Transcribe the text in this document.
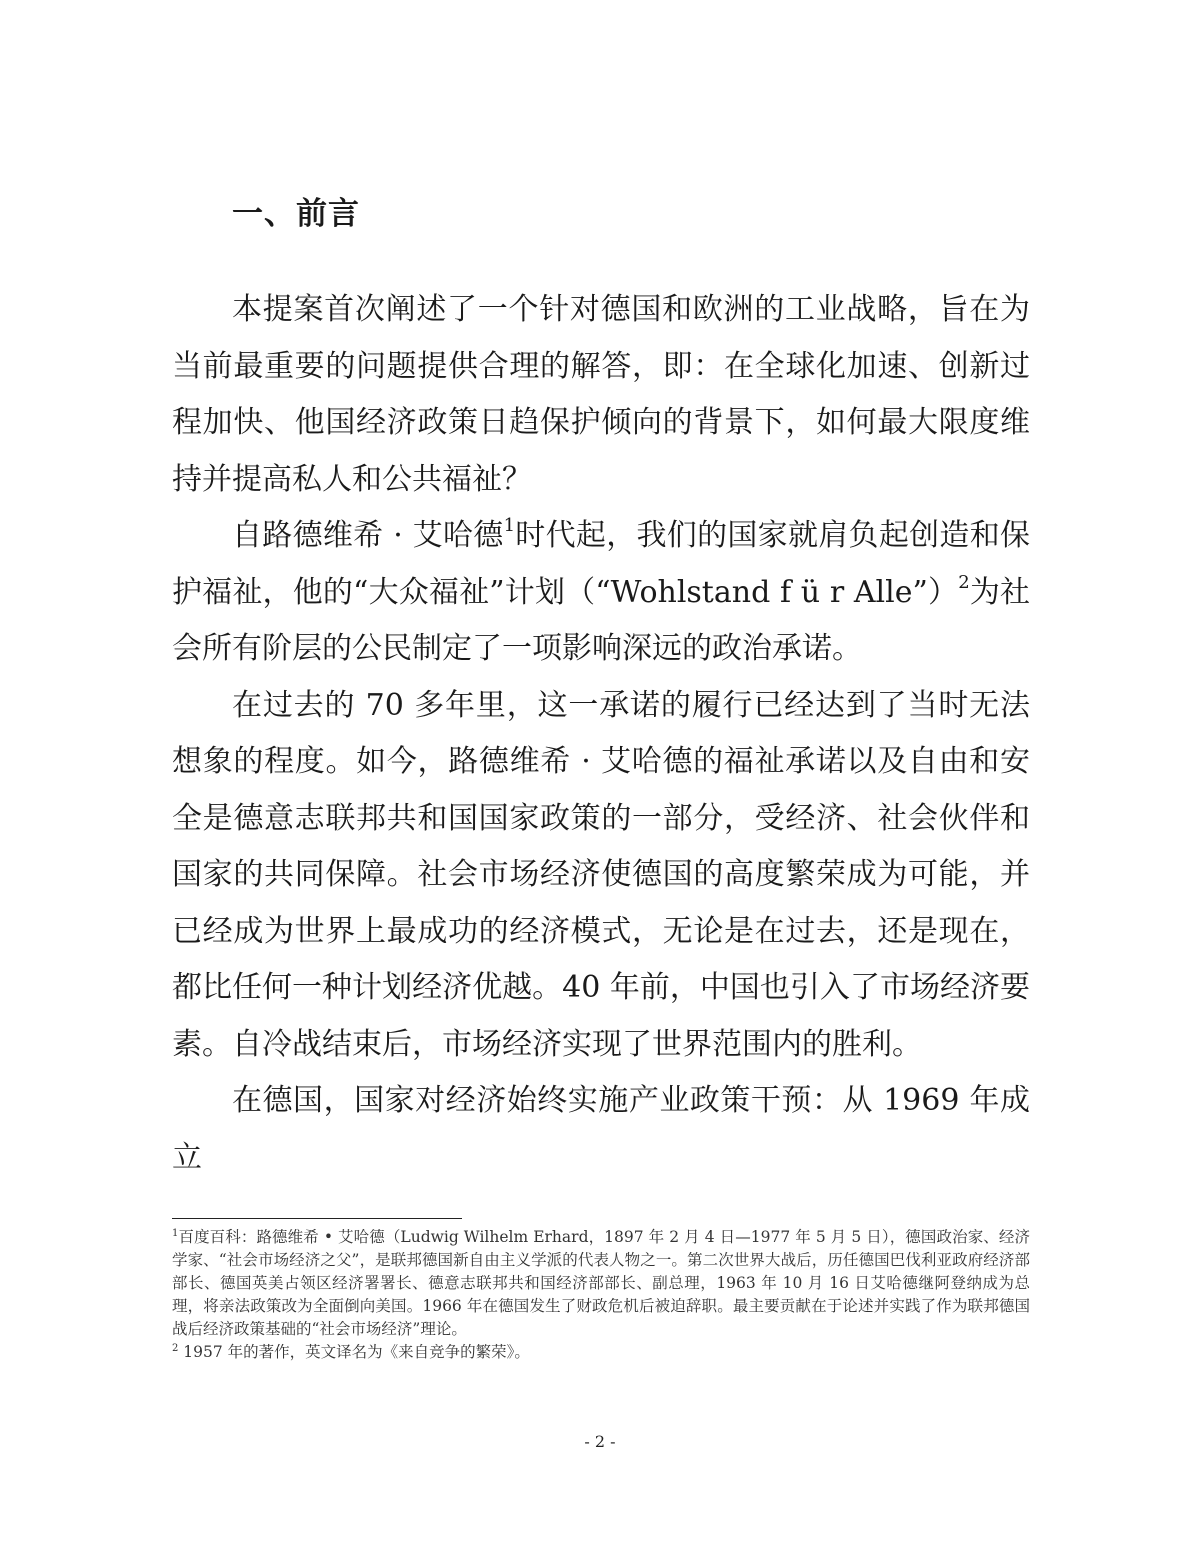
一、前言

本提案首次阐述了一个针对德国和欧洲的工业战略，旨在为当前最重要的问题提供合理的解答，即：在全球化加速、创新过程加快、他国经济政策日趋保护倾向的背景下，如何最大限度维持并提高私人和公共福祉？

自路德维希 · 艾哈德$^1$时代起，我们的国家就肩负起创造和保护福祉，他的“大众福祉”计划（“Wohlstand f ü r Alle”）$^2$为社会所有阶层的公民制定了一项影响深远的政治承诺。

在过去的 70 多年里，这一承诺的履行已经达到了当时无法想象的程度。如今，路德维希 · 艾哈德的福祉承诺以及自由和安全是德意志联邦共和国国家政策的一部分，受经济、社会伙伴和国家的共同保障。社会市场经济使德国的高度繁荣成为可能，并已经成为世界上最成功的经济模式，无论是在过去，还是现在，都比任何一种计划经济优越。40 年前，中国也引入了市场经济要素。自冷战结束后，市场经济实现了世界范围内的胜利。

在德国，国家对经济始终实施产业政策干预：从 1969 年成立

$^1$百度百科：路德维希 • 艾哈德（Ludwig Wilhelm Erhard，1897 年 2 月 4 日—1977 年 5 月 5 日），德国政治家、经济学家、“社会市场经济之父”，是联邦德国新自由主义学派的代表人物之一。第二次世界大战后，历任德国巴伐利亚政府经济部部长、德国英美占领区经济署署长、德意志联邦共和国经济部部长、副总理，1963 年 10 月 16 日艾哈德继阿登纳成为总理，将亲法政策改为全面倒向美国。1966 年在德国发生了财政危机后被迫辞职。最主要贡献在于论述并实践了作为联邦德国战后经济政策基础的“社会市场经济”理论。

$^2$ 1957 年的著作，英文译名为《来自竞争的繁荣》。

- 2 -
